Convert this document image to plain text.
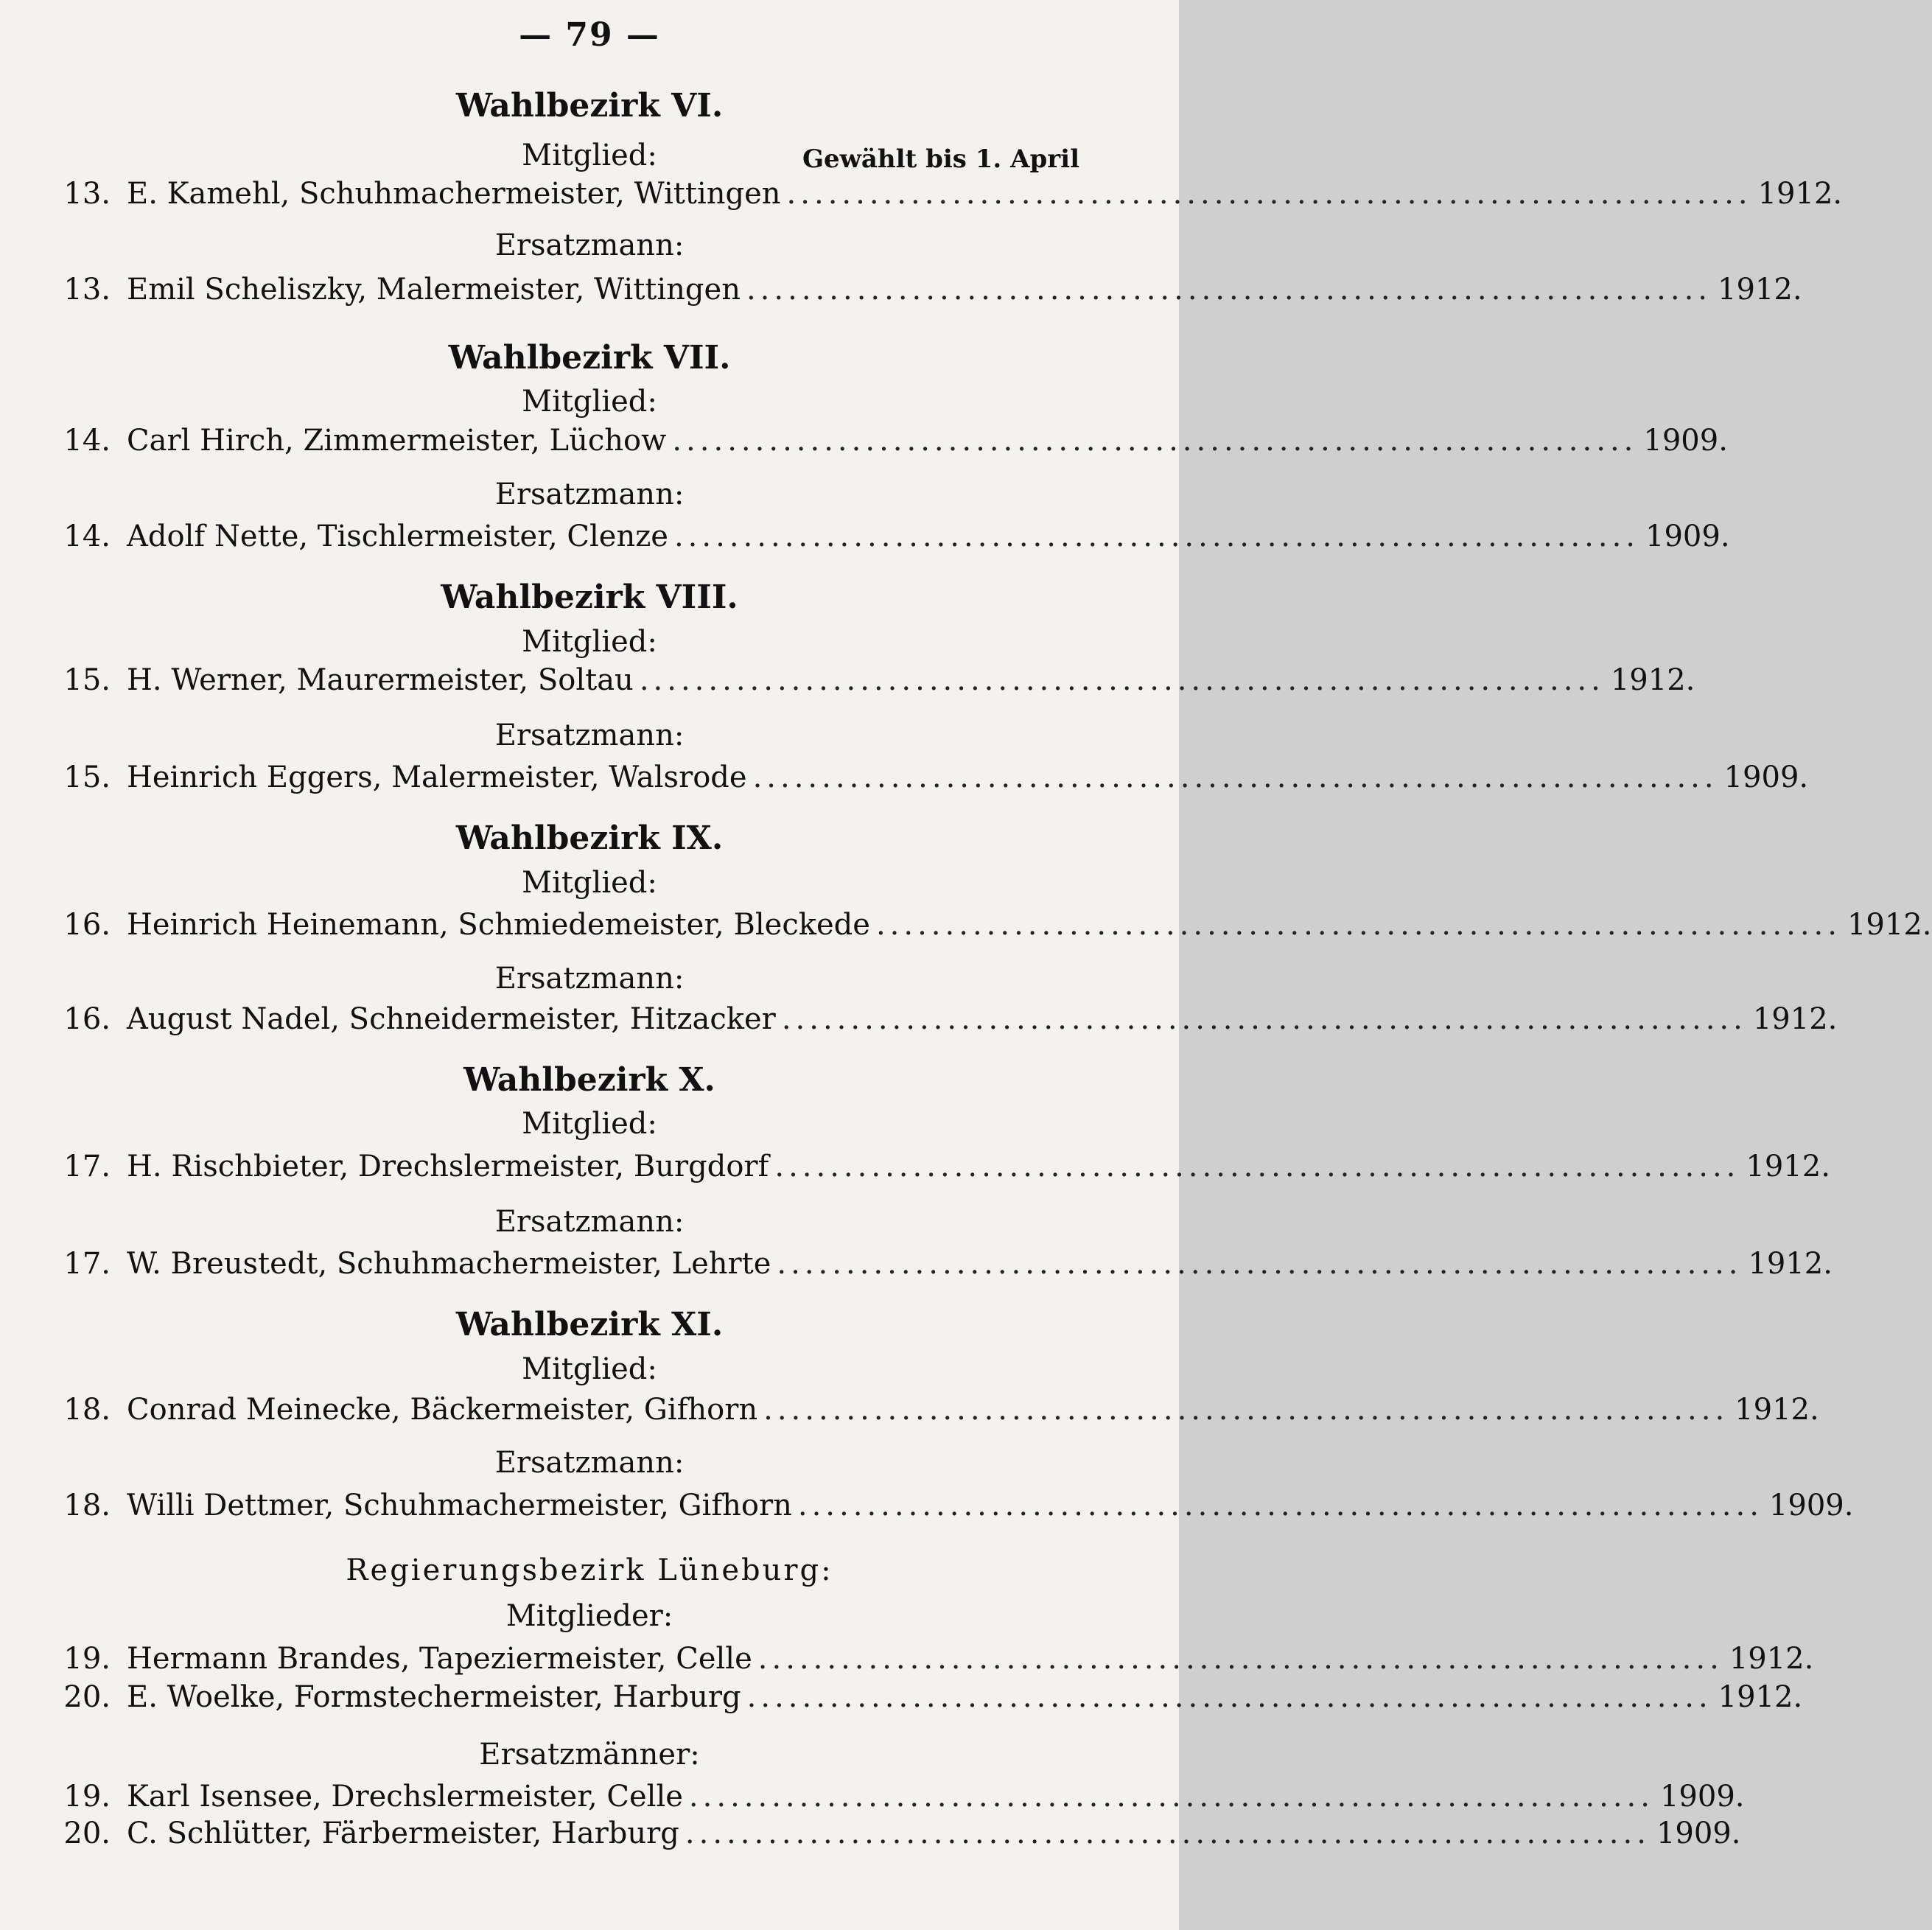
— 79 —
Wahlbezirk VI.
Mitglied:	Gewählt bis 1. April
13. E. Kamehl, Schuhmachermeister, Wittingen ...................................................................... 1912.
Ersatzmann:
13. Emil Scheliszky, Malermeister, Wittingen ...................................................................... 1912.
Wahlbezirk VII.
Mitglied:
14. Carl Hirch, Zimmermeister, Lüchow ...................................................................... 1909.
Ersatzmann:
14. Adolf Nette, Tischlermeister, Clenze ...................................................................... 1909.
Wahlbezirk VIII.
Mitglied:
15. H. Werner, Maurermeister, Soltau ...................................................................... 1912.
Ersatzmann:
15. Heinrich Eggers, Malermeister, Walsrode ...................................................................... 1909.
Wahlbezirk IX.
Mitglied:
16. Heinrich Heinemann, Schmiedemeister, Bleckede ...................................................................... 1912.
Ersatzmann:
16. August Nadel, Schneidermeister, Hitzacker ...................................................................... 1912.
Wahlbezirk X.
Mitglied:
17. H. Rischbieter, Drechslermeister, Burgdorf ...................................................................... 1912.
Ersatzmann:
17. W. Breustedt, Schuhmachermeister, Lehrte ...................................................................... 1912.
Wahlbezirk XI.
Mitglied:
18. Conrad Meinecke, Bäckermeister, Gifhorn ...................................................................... 1912.
Ersatzmann:
18. Willi Dettmer, Schuhmachermeister, Gifhorn ...................................................................... 1909.
Regierungsbezirk Lüneburg:
Mitglieder:
19. Hermann Brandes, Tapeziermeister, Celle ...................................................................... 1912.
20. E. Woelke, Formstechermeister, Harburg ...................................................................... 1912.
Ersatzmänner:
19. Karl Isensee, Drechslermeister, Celle ...................................................................... 1909.
20. C. Schlütter, Färbermeister, Harburg ...................................................................... 1909.
